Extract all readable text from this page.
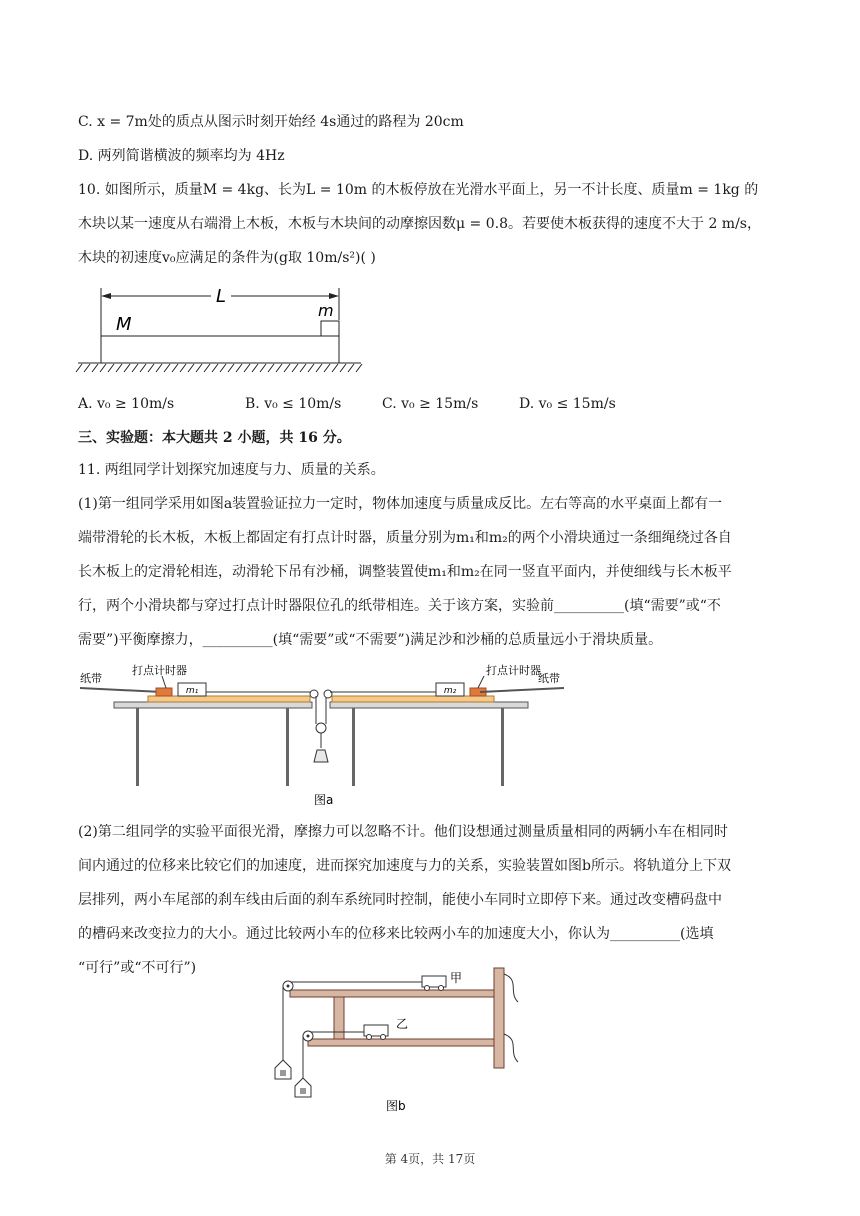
C. x = 7m处的质点从图示时刻开始经 4s通过的路程为 20cm
D. 两列简谐横波的频率均为 4Hz
10. 如图所示，质量M = 4kg、长为L = 10m 的木板停放在光滑水平面上，另一不计长度、质量m = 1kg 的
木块以某一速度从右端滑上木板，木板与木块间的动摩擦因数μ = 0.8。若要使木板获得的速度不大于 2 m/s，
木块的初速度v₀应满足的条件为(g取 10m/s²)( )
L
M
m
A. v₀ ≥ 10m/s	B. v₀ ≤ 10m/s	C. v₀ ≥ 15m/s	D. v₀ ≤ 15m/s
三、实验题：本大题共 2 小题，共 16 分。
11. 两组同学计划探究加速度与力、质量的关系。
(1)第一组同学采用如图a装置验证拉力一定时，物体加速度与质量成反比。左右等高的水平桌面上都有一
端带滑轮的长木板，木板上都固定有打点计时器，质量分别为m₁和m₂的两个小滑块通过一条细绳绕过各自
长木板上的定滑轮相连，动滑轮下吊有沙桶，调整装置使m₁和m₂在同一竖直平面内，并使细线与长木板平
行，两个小滑块都与穿过打点计时器限位孔的纸带相连。关于该方案，实验前__________(填“需要”或“不
需要”)平衡摩擦力，__________(填“需要”或“不需要”)满足沙和沙桶的总质量远小于滑块质量。
m₁
纸带
打点计时器
m₂
打点计时器
纸带
图a
(2)第二组同学的实验平面很光滑，摩擦力可以忽略不计。他们设想通过测量质量相同的两辆小车在相同时
间内通过的位移来比较它们的加速度，进而探究加速度与力的关系，实验装置如图b所示。将轨道分上下双
层排列，两小车尾部的刹车线由后面的刹车系统同时控制，能使小车同时立即停下来。通过改变槽码盘中
的槽码来改变拉力的大小。通过比较两小车的位移来比较两小车的加速度大小，你认为__________(选填
“可行”或“不可行”)
甲
乙
图b
第 4页，共 17页
